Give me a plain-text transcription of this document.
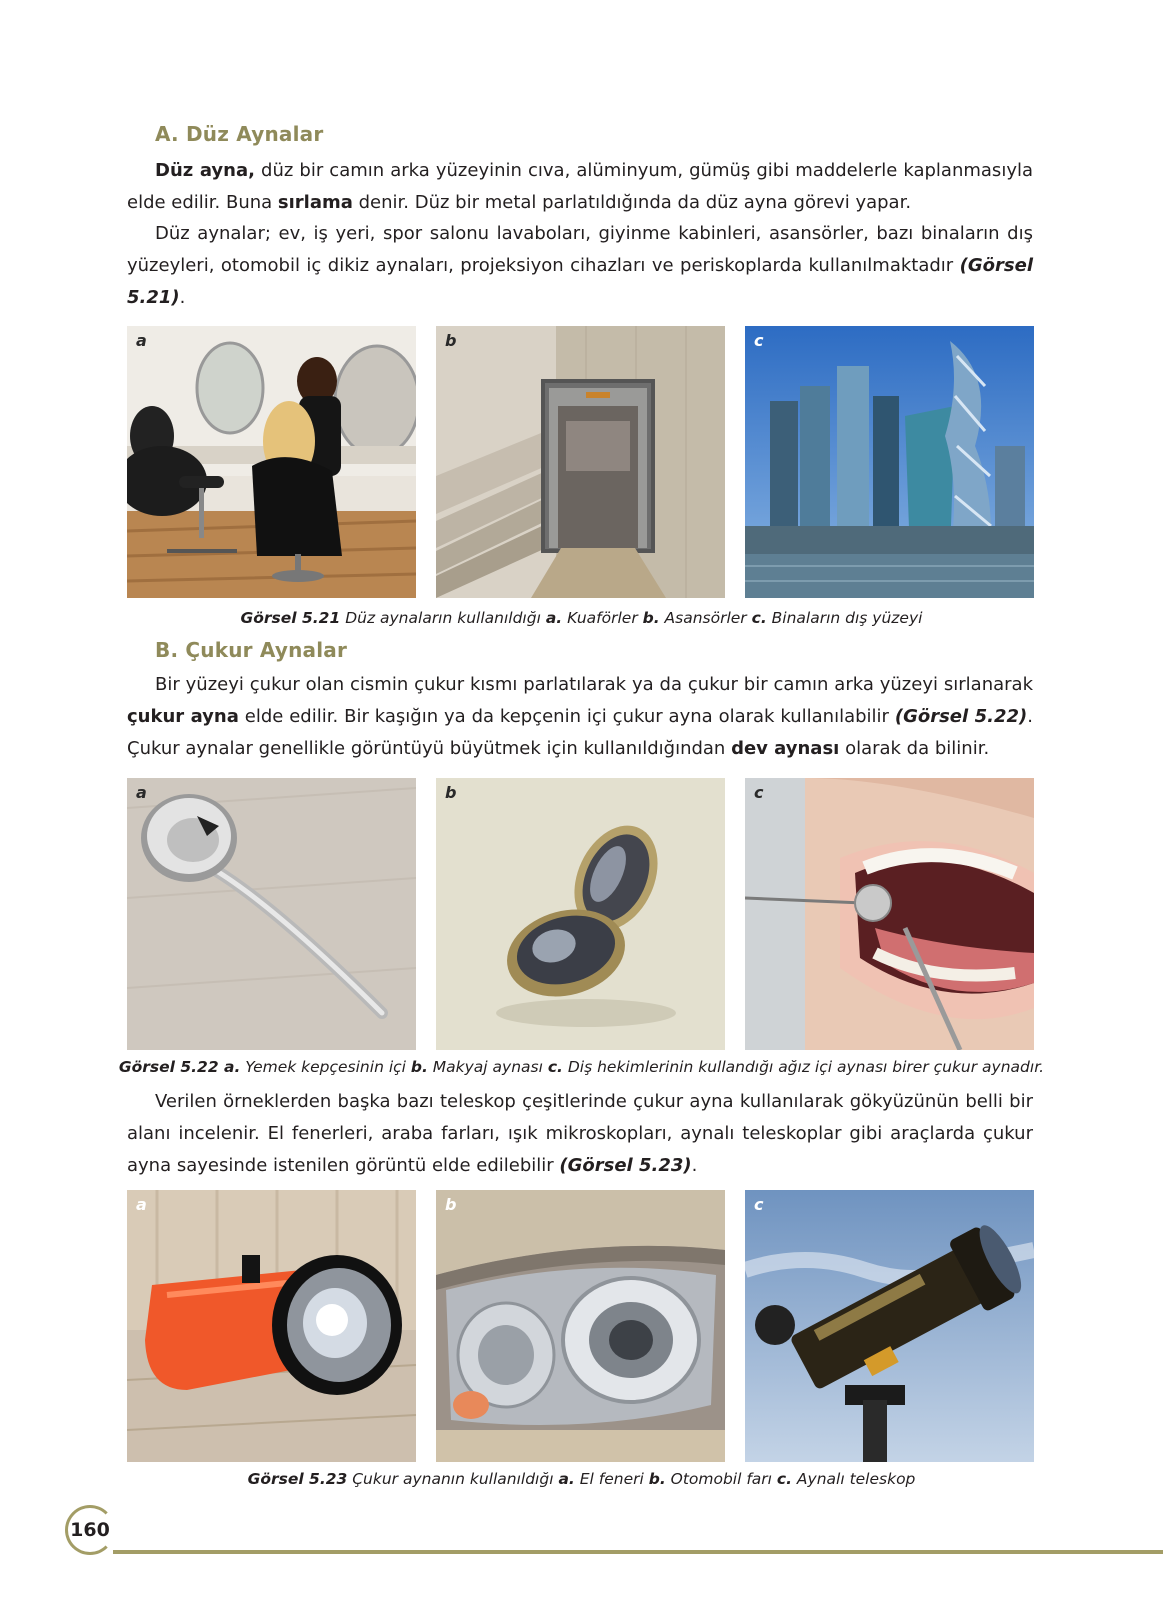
A. Düz Aynalar

Düz ayna, düz bir camın arka yüzeyinin cıva, alüminyum, gümüş gibi maddelerle kaplanmasıyla elde edilir. Buna sırlama denir. Düz bir metal parlatıldığında da düz ayna görevi yapar.

Düz aynalar; ev, iş yeri, spor salonu lavaboları, giyinme kabinleri, asansörler, bazı binaların dış yüzeyleri, otomobil iç dikiz aynaları, projeksiyon cihazları ve periskoplarda kullanılmaktadır (Görsel 5.21).

a	b	c

Görsel 5.21 Düz aynaların kullanıldığı a. Kuaförler b. Asansörler c. Binaların dış yüzeyi

B. Çukur Aynalar

Bir yüzeyi çukur olan cismin çukur kısmı parlatılarak ya da çukur bir camın arka yüzeyi sırlanarak çukur ayna elde edilir. Bir kaşığın ya da kepçenin içi çukur ayna olarak kullanılabilir (Görsel 5.22). Çukur aynalar genellikle görüntüyü büyütmek için kullanıldığından dev aynası olarak da bilinir.

a	b	c

Görsel 5.22 a. Yemek kepçesinin içi b. Makyaj aynası c. Diş hekimlerinin kullandığı ağız içi aynası birer çukur aynadır.

Verilen örneklerden başka bazı teleskop çeşitlerinde çukur ayna kullanılarak gökyüzünün belli bir alanı incelenir. El fenerleri, araba farları, ışık mikroskopları, aynalı teleskoplar gibi araçlarda çukur ayna sayesinde istenilen görüntü elde edilebilir (Görsel 5.23).

a	b	c

Görsel 5.23 Çukur aynanın kullanıldığı a. El feneri b. Otomobil farı c. Aynalı teleskop

160
